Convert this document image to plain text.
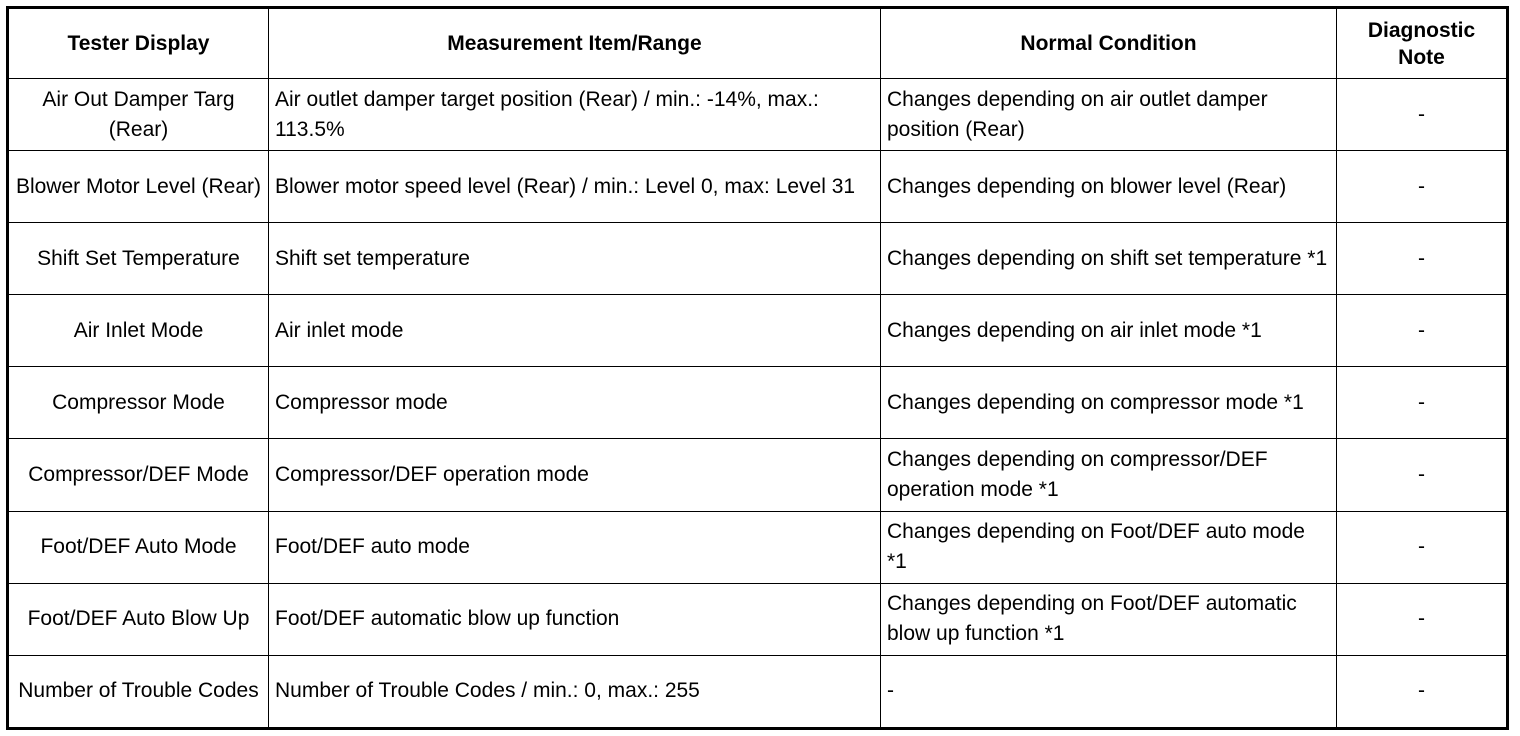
Tester Display	Measurement Item/Range	Normal Condition	Diagnostic Note
Air Out Damper Targ (Rear)	Air outlet damper target position (Rear) / min.: -14%, max.: 113.5%	Changes depending on air outlet damper position (Rear)	-
Blower Motor Level (Rear)	Blower motor speed level (Rear) / min.: Level 0, max: Level 31	Changes depending on blower level (Rear)	-
Shift Set Temperature	Shift set temperature	Changes depending on shift set temperature *1	-
Air Inlet Mode	Air inlet mode	Changes depending on air inlet mode *1	-
Compressor Mode	Compressor mode	Changes depending on compressor mode *1	-
Compressor/DEF Mode	Compressor/DEF operation mode	Changes depending on compressor/DEF operation mode *1	-
Foot/DEF Auto Mode	Foot/DEF auto mode	Changes depending on Foot/DEF auto mode *1	-
Foot/DEF Auto Blow Up	Foot/DEF automatic blow up function	Changes depending on Foot/DEF automatic blow up function *1	-
Number of Trouble Codes	Number of Trouble Codes / min.: 0, max.: 255	-	-
